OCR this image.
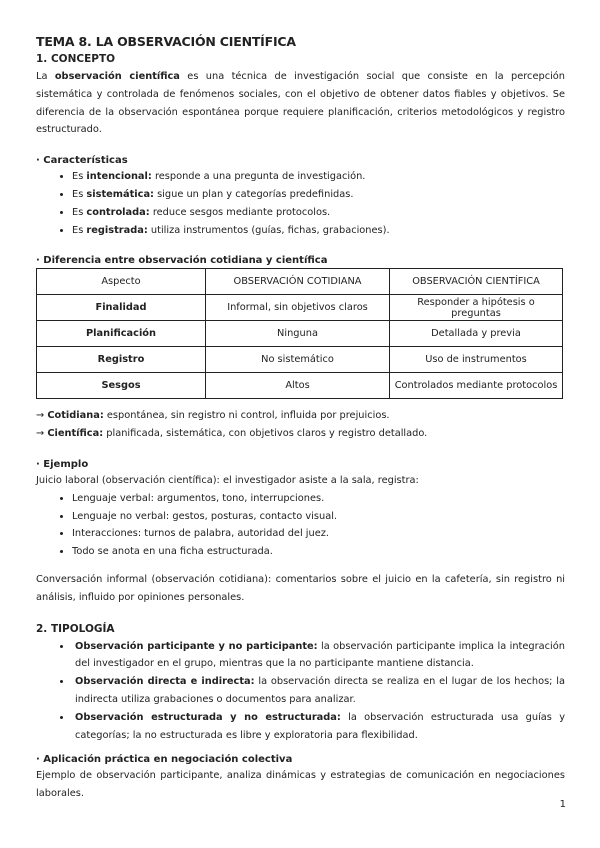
TEMA 8. LA OBSERVACIÓN CIENTÍFICA
1. CONCEPTO

La observación científica es una técnica de investigación social que consiste en la percepción sistemática y controlada de fenómenos sociales, con el objetivo de obtener datos fiables y objetivos. Se diferencia de la observación espontánea porque requiere planificación, criterios metodológicos y registro estructurado.

· Características
• Es intencional: responde a una pregunta de investigación.
• Es sistemática: sigue un plan y categorías predefinidas.
• Es controlada: reduce sesgos mediante protocolos.
• Es registrada: utiliza instrumentos (guías, fichas, grabaciones).
· Diferencia entre observación cotidiana y científica
Aspecto	OBSERVACIÓN COTIDIANA	OBSERVACIÓN CIENTÍFICA
Finalidad	Informal, sin objetivos claros	Responder a hipótesis o preguntas
Planificación	Ninguna	Detallada y previa
Registro	No sistemático	Uso de instrumentos
Sesgos	Altos	Controlados mediante protocolos

→ Cotidiana: espontánea, sin registro ni control, influida por prejuicios.

→ Científica: planificada, sistemática, con objetivos claros y registro detallado.

· Ejemplo

Juicio laboral (observación científica): el investigador asiste a la sala, registra:

• Lenguaje verbal: argumentos, tono, interrupciones.
• Lenguaje no verbal: gestos, posturas, contacto visual.
• Interacciones: turnos de palabra, autoridad del juez.
• Todo se anota en una ficha estructurada.

Conversación informal (observación cotidiana): comentarios sobre el juicio en la cafetería, sin registro ni análisis, influido por opiniones personales.

2. TIPOLOGÍA
• Observación participante y no participante: la observación participante implica la integración del investigador en el grupo, mientras que la no participante mantiene distancia.
• Observación directa e indirecta: la observación directa se realiza en el lugar de los hechos; la indirecta utiliza grabaciones o documentos para analizar.
• Observación estructurada y no estructurada: la observación estructurada usa guías y categorías; la no estructurada es libre y exploratoria para flexibilidad.
· Aplicación práctica en negociación colectiva

Ejemplo de observación participante, analiza dinámicas y estrategias de comunicación en negociaciones laborales.

1
